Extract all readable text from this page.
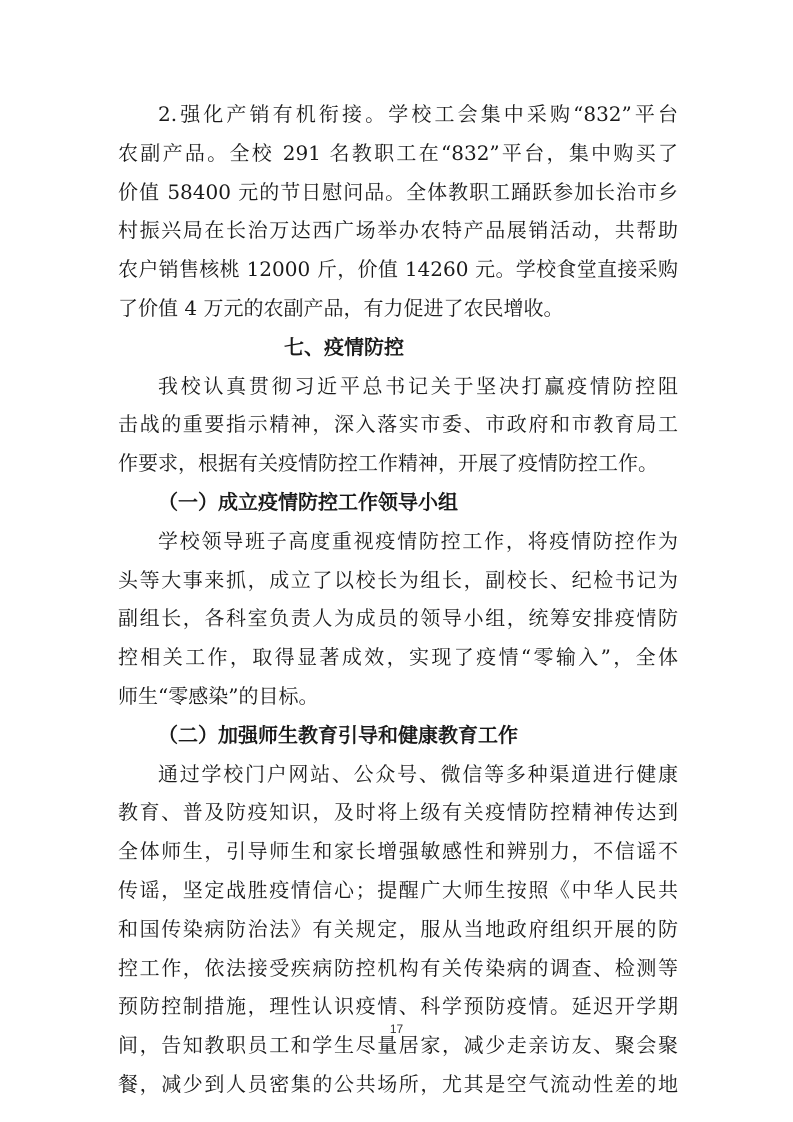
2.强化产销有机衔接。学校工会集中采购“832”平台
农副产品。全校 291 名教职工在“832”平台，集中购买了
价值 58400 元的节日慰问品。全体教职工踊跃参加长治市乡
村振兴局在长治万达西广场举办农特产品展销活动，共帮助
农户销售核桃 12000 斤，价值 14260 元。学校食堂直接采购
了价值 4 万元的农副产品，有力促进了农民增收。
七、疫情防控
我校认真贯彻习近平总书记关于坚决打赢疫情防控阻
击战的重要指示精神，深入落实市委、市政府和市教育局工
作要求，根据有关疫情防控工作精神，开展了疫情防控工作。
（一）成立疫情防控工作领导小组
学校领导班子高度重视疫情防控工作，将疫情防控作为
头等大事来抓，成立了以校长为组长，副校长、纪检书记为
副组长，各科室负责人为成员的领导小组，统筹安排疫情防
控相关工作，取得显著成效，实现了疫情“零输入”，全体
师生“零感染”的目标。
（二）加强师生教育引导和健康教育工作
通过学校门户网站、公众号、微信等多种渠道进行健康
教育、普及防疫知识，及时将上级有关疫情防控精神传达到
全体师生，引导师生和家长增强敏感性和辨别力，不信谣不
传谣，坚定战胜疫情信心；提醒广大师生按照《中华人民共
和国传染病防治法》有关规定，服从当地政府组织开展的防
控工作，依法接受疾病防控机构有关传染病的调查、检测等
预防控制措施，理性认识疫情、科学预防疫情。延迟开学期
间，告知教职员工和学生尽量居家，减少走亲访友、聚会聚
餐，减少到人员密集的公共场所，尤其是空气流动性差的地
17
